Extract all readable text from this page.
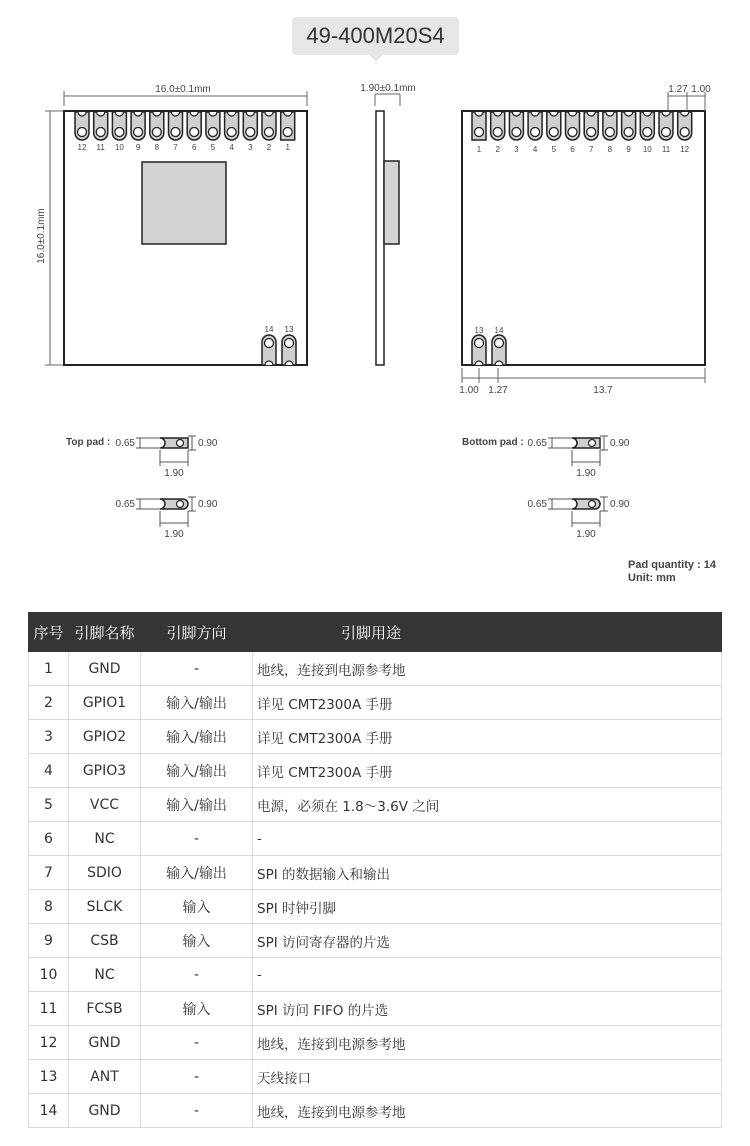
49-400M20S4
16.0±0.1mm
16.0±0.1mm
12 11 10 9 8 7 6 5 4 3 2 1
14 13
1.90±0.1mm	1.27 1.00
1 2 3 4 5 6 7 8 9 10 11 12
13 14
1.00 1.27	13.7
Top pad : 0.65	0.90
1.90
0.65	0.90
1.90
Bottom pad : 0.65	0.90
1.90
0.65	0.90
1.90
Pad quantity : 14
Unit: mm
序号	引脚名称	引脚方向	引脚用途
1	GND	-	地线，连接到电源参考地
2	GPIO1	输入/输出	详见 CMT2300A 手册
3	GPIO2	输入/输出	详见 CMT2300A 手册
4	GPIO3	输入/输出	详见 CMT2300A 手册
5	VCC	输入/输出	电源，必须在 1.8～3.6V 之间
6	NC	-	-
7	SDIO	输入/输出	SPI 的数据输入和输出
8	SLCK	输入	SPI 时钟引脚
9	CSB	输入	SPI 访问寄存器的片选
10	NC	-	-
11	FCSB	输入	SPI 访问 FIFO 的片选
12	GND	-	地线，连接到电源参考地
13	ANT	-	天线接口
14	GND	-	地线，连接到电源参考地
